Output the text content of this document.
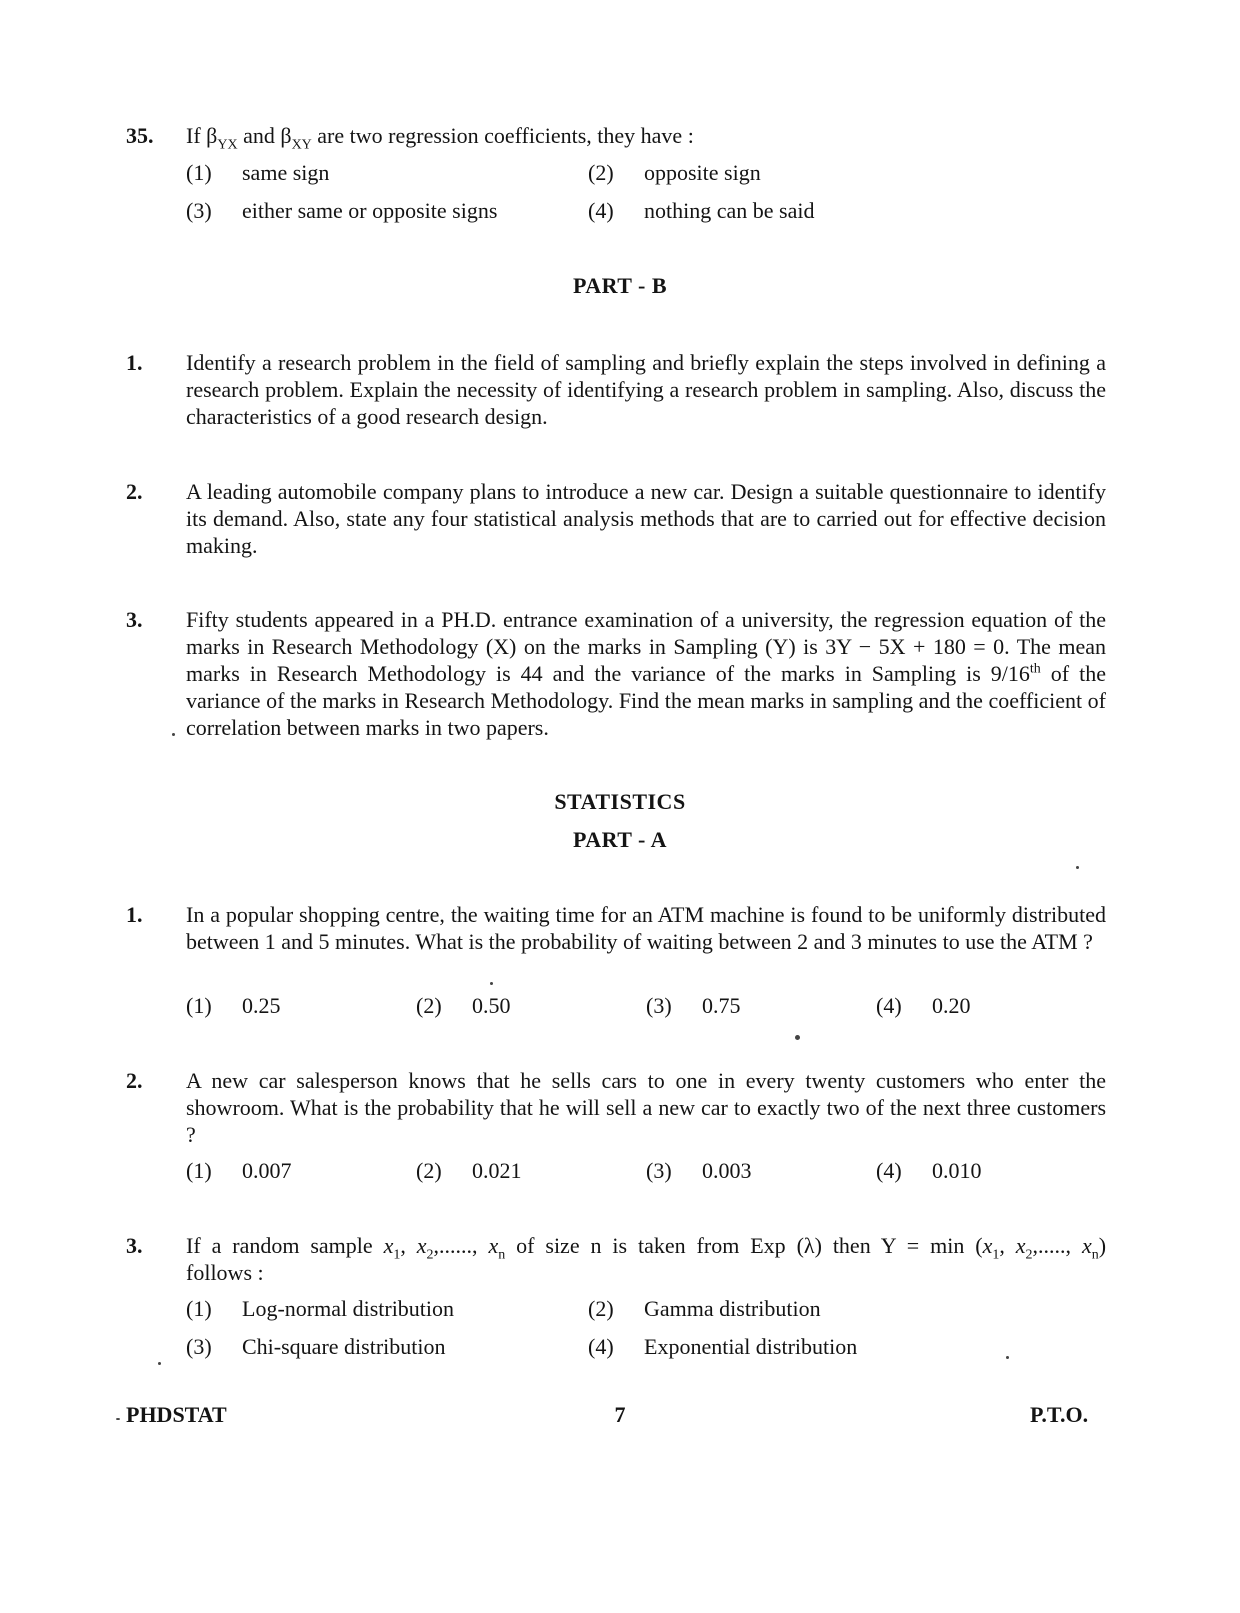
35.	If $\beta_{YX}$ and $\beta_{XY}$ are two regression coefficients, they have :
(1) same sign	(2) opposite sign
(3) either same or opposite signs	(4) nothing can be said
PART - B
1.	Identify a research problem in the field of sampling and briefly explain the steps involved in defining a research problem. Explain the necessity of identifying a research problem in sampling. Also, discuss the characteristics of a good research design.
2.	A leading automobile company plans to introduce a new car. Design a suitable questionnaire to identify its demand. Also, state any four statistical analysis methods that are to carried out for effective decision making.
3.	Fifty students appeared in a PH.D. entrance examination of a university, the regression equation of the marks in Research Methodology (X) on the marks in Sampling (Y) is 3Y − 5X + 180 = 0. The mean marks in Research Methodology is 44 and the variance of the marks in Sampling is 9/16th of the variance of the marks in Research Methodology. Find the mean marks in sampling and the coefficient of correlation between marks in two papers.
STATISTICS
PART - A
1.	In a popular shopping centre, the waiting time for an ATM machine is found to be uniformly distributed between 1 and 5 minutes. What is the probability of waiting between 2 and 3 minutes to use the ATM ?
(1) 0.25	(2) 0.50	(3) 0.75	(4) 0.20
2.	A new car salesperson knows that he sells cars to one in every twenty customers who enter the showroom. What is the probability that he will sell a new car to exactly two of the next three customers ?
(1) 0.007	(2) 0.021	(3) 0.003	(4) 0.010
3.	If a random sample $x_1$, $x_2$,......, $x_n$ of size n is taken from Exp (λ) then $Y = \min (x_1$, $x_2$,....., $x_n$)
follows :
(1) Log-normal distribution	(2) Gamma distribution
(3) Chi-square distribution	(4) Exponential distribution
PHDSTAT	7	P.T.O.
